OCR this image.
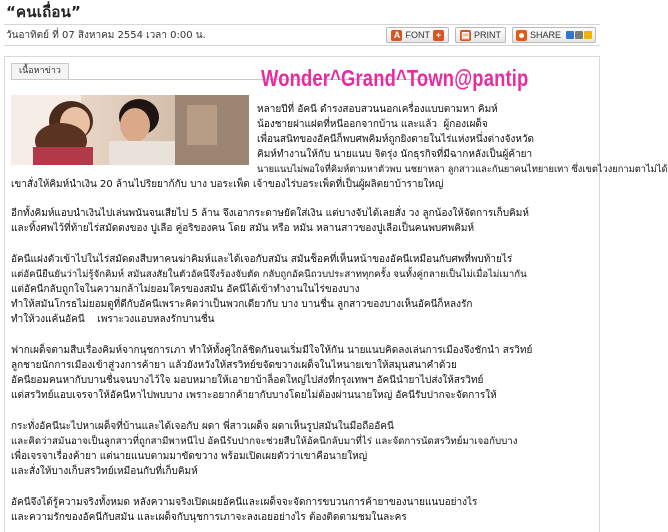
“คนเถื่อน”
วันอาทิตย์ ที่ 07 สิงหาคม 2554 เวลา 0:00 น.	A FONT +	▤ PRINT	SHARE
เนื้อหาข่าว	Wonder^Grand^Town@pantip
หลายปีที่ อัคนี ดำรงสอบสวนนอกเครื่องแบบตามหา คิมห์
น้องชายฝาแฝดที่หนีออกจากบ้าน และแล้ว  ผู้กองเผด็จ
เพื่อนสนิทของอัคนีก็พบศพคิมห์ถูกยิงตายในไร่แห่งหนึ่งต่างจังหวัด
คิมห์ทำงานให้กับ นายแนบ จิตรุ่ง นักธุรกิจที่มีฉากหลังเป็นผู้ค้ายา
นายแนบไม่พอใจที่คิมห์ตามหาตัวพบ นชยาหลา ลูกสาวและกันยาคนไทยายเทา ซึ่งเขตไวงยกามตาไม่ได้
เขาสั่งให้คิมห์นำเงิน 20 ล้านไปริยยาก้กับ บาง บอระเพ็ด เจ้าของไร่บอระเพ็ดที่เป็นผู้ผลิตยาบ้ารายใหญ่
อีกทั้งคิมห์แอบนำเงินไปเล่นพนันจนเสียไป 5 ล้าน จึงเอากระดาษยัดใส่เงิน แต่บางจับได้เลยสั่ง วง ลูกน้องให้จัดการเก็บคิมห์
และทิ้งศพไว้ที่ท้ายไร่สมัดดงของ ปูเลือ คู่อริของคน โดย สมัน หรือ หมัน หลานสาวของปูเลือเป็นคนพบศพคิมห์
อัคนีแฝงตัวเข้าไปในไร่สมัดดงสืบหาคนฆ่าคิมห์และได้เจอกับสมัน สมันช็อคที่เห็นหน้าของอัคนีเหมือนกับศพที่พบท้ายไร่
แต่อัคนียืนยันว่าไม่รู้จักคิมห์ สมันสงสัยในตัวอัคนีจึงร้องจับตัด กลับถูกอัคนีถวบประสาททุกครั้ง จนทั้งคู่กลายเป็นไม่เมื่อไม่เมากัน
แต่อัคนีกลับถูกใจในความกล้าไม่ยอมใครของสมัน อัคนีได้เข้าทำงานในไร่ของบาง
ทำให้สมันโกรธไม่ยอมดูที่ดีกับอัคนีเพราะคิดว่าเป็นพวกเดียวกับ บาง บานชื่น ลูกสาวของบางเห็นอัคนีก็หลงรัก
ทำให้วงแค้นอัคนี    เพราะวงแอบหลงรักบานชื่น
ฟากเผด็จตามสืบเรื่องคิมห์จากนุชการเภา ทำให้ทั้งคู่ใกล้ชิดกันจนเริ่มมีใจให้กัน นายแนบคิดลงเล่นการเมืองจึงชักนำ สรวิทย์
ลูกชายนักการเมืองเข้าสู่วงการค้ายา แล้วยังหวังให้สรวิทย์ขจัดขวางเผด็จในไหนายเขาให้สมุนสนาคำด้วย
อัคนียอมคนหากับบานชื่นจนบางไว้ใจ มอบหมายให้เอายาบ้าล็อตใหญ่ไปส่งที่กรุงเทพฯ อัคนีนำยาไปส่งให้สรวิทย์
แต่สรวิทย์แอบเจรจาให้อัคนีหาไปพบบาง เพราะอยากค้ายากับบางโดยไม่ต้องผ่านนายใหญ่ อัคนีรับปากจะจัดการให้
กระทั่งอัคนีนะไปหาเผด็จที่บ้านและได้เจอกับ ผดา พี่สาวเผด็จ ผดาเห็นรูปสมันในมือถืออัคนี
และคิดว่าสมันอาจเป็นลูกสาวที่ถูกสามีพาหนีไป อัคนีรับปากจะช่วยสืบให้อัคนีกลับมาที่ไร่ และจัดการนัดสรวิทย์มาเจอกับบาง
เพื่อเจรจาเรื่องค้ายา แต่นายแนบตามมาขัดขวาง พร้อมเปิดเผยตัวว่าเขาคือนายใหญ่
และสั่งให้บางเก็บสรวิทย์เหมือนกับที่เก็บคิมห์
อัคนีจึงได้รู้ความจริงทั้งหมด หลังความจริงเปิดเผยอัคนีและเผด็จจะจัดการขบวนการค้ายาของนายแนบอย่างไร
และความรักของอัคนีกับสมัน และเผด็จกับนุชการเภาจะลงเอยอย่างไร ต้องติดตามชมในละคร
